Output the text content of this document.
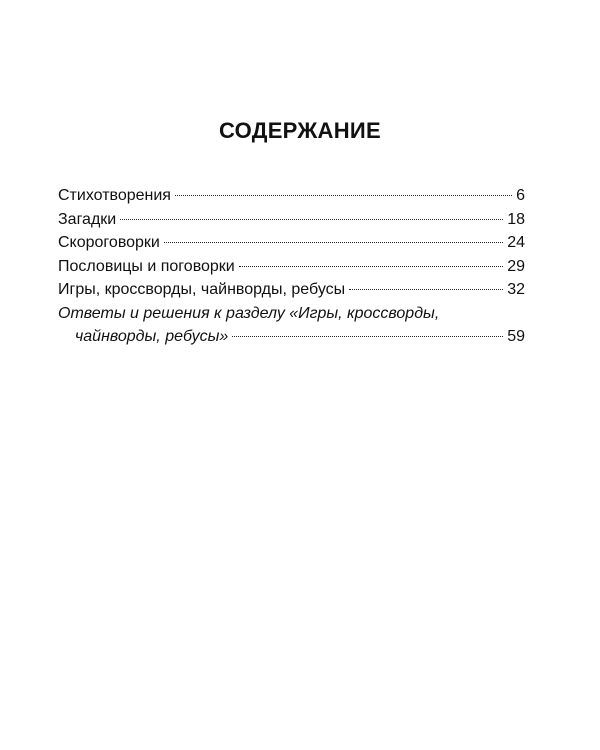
СОДЕРЖАНИЕ
Стихотворения	6
Загадки	18
Скороговорки	24
Пословицы и поговорки	29
Игры, кроссворды, чайнворды, ребусы	32
Ответы и решения к разделу «Игры, кроссворды,
чайнворды, ребусы»	59
